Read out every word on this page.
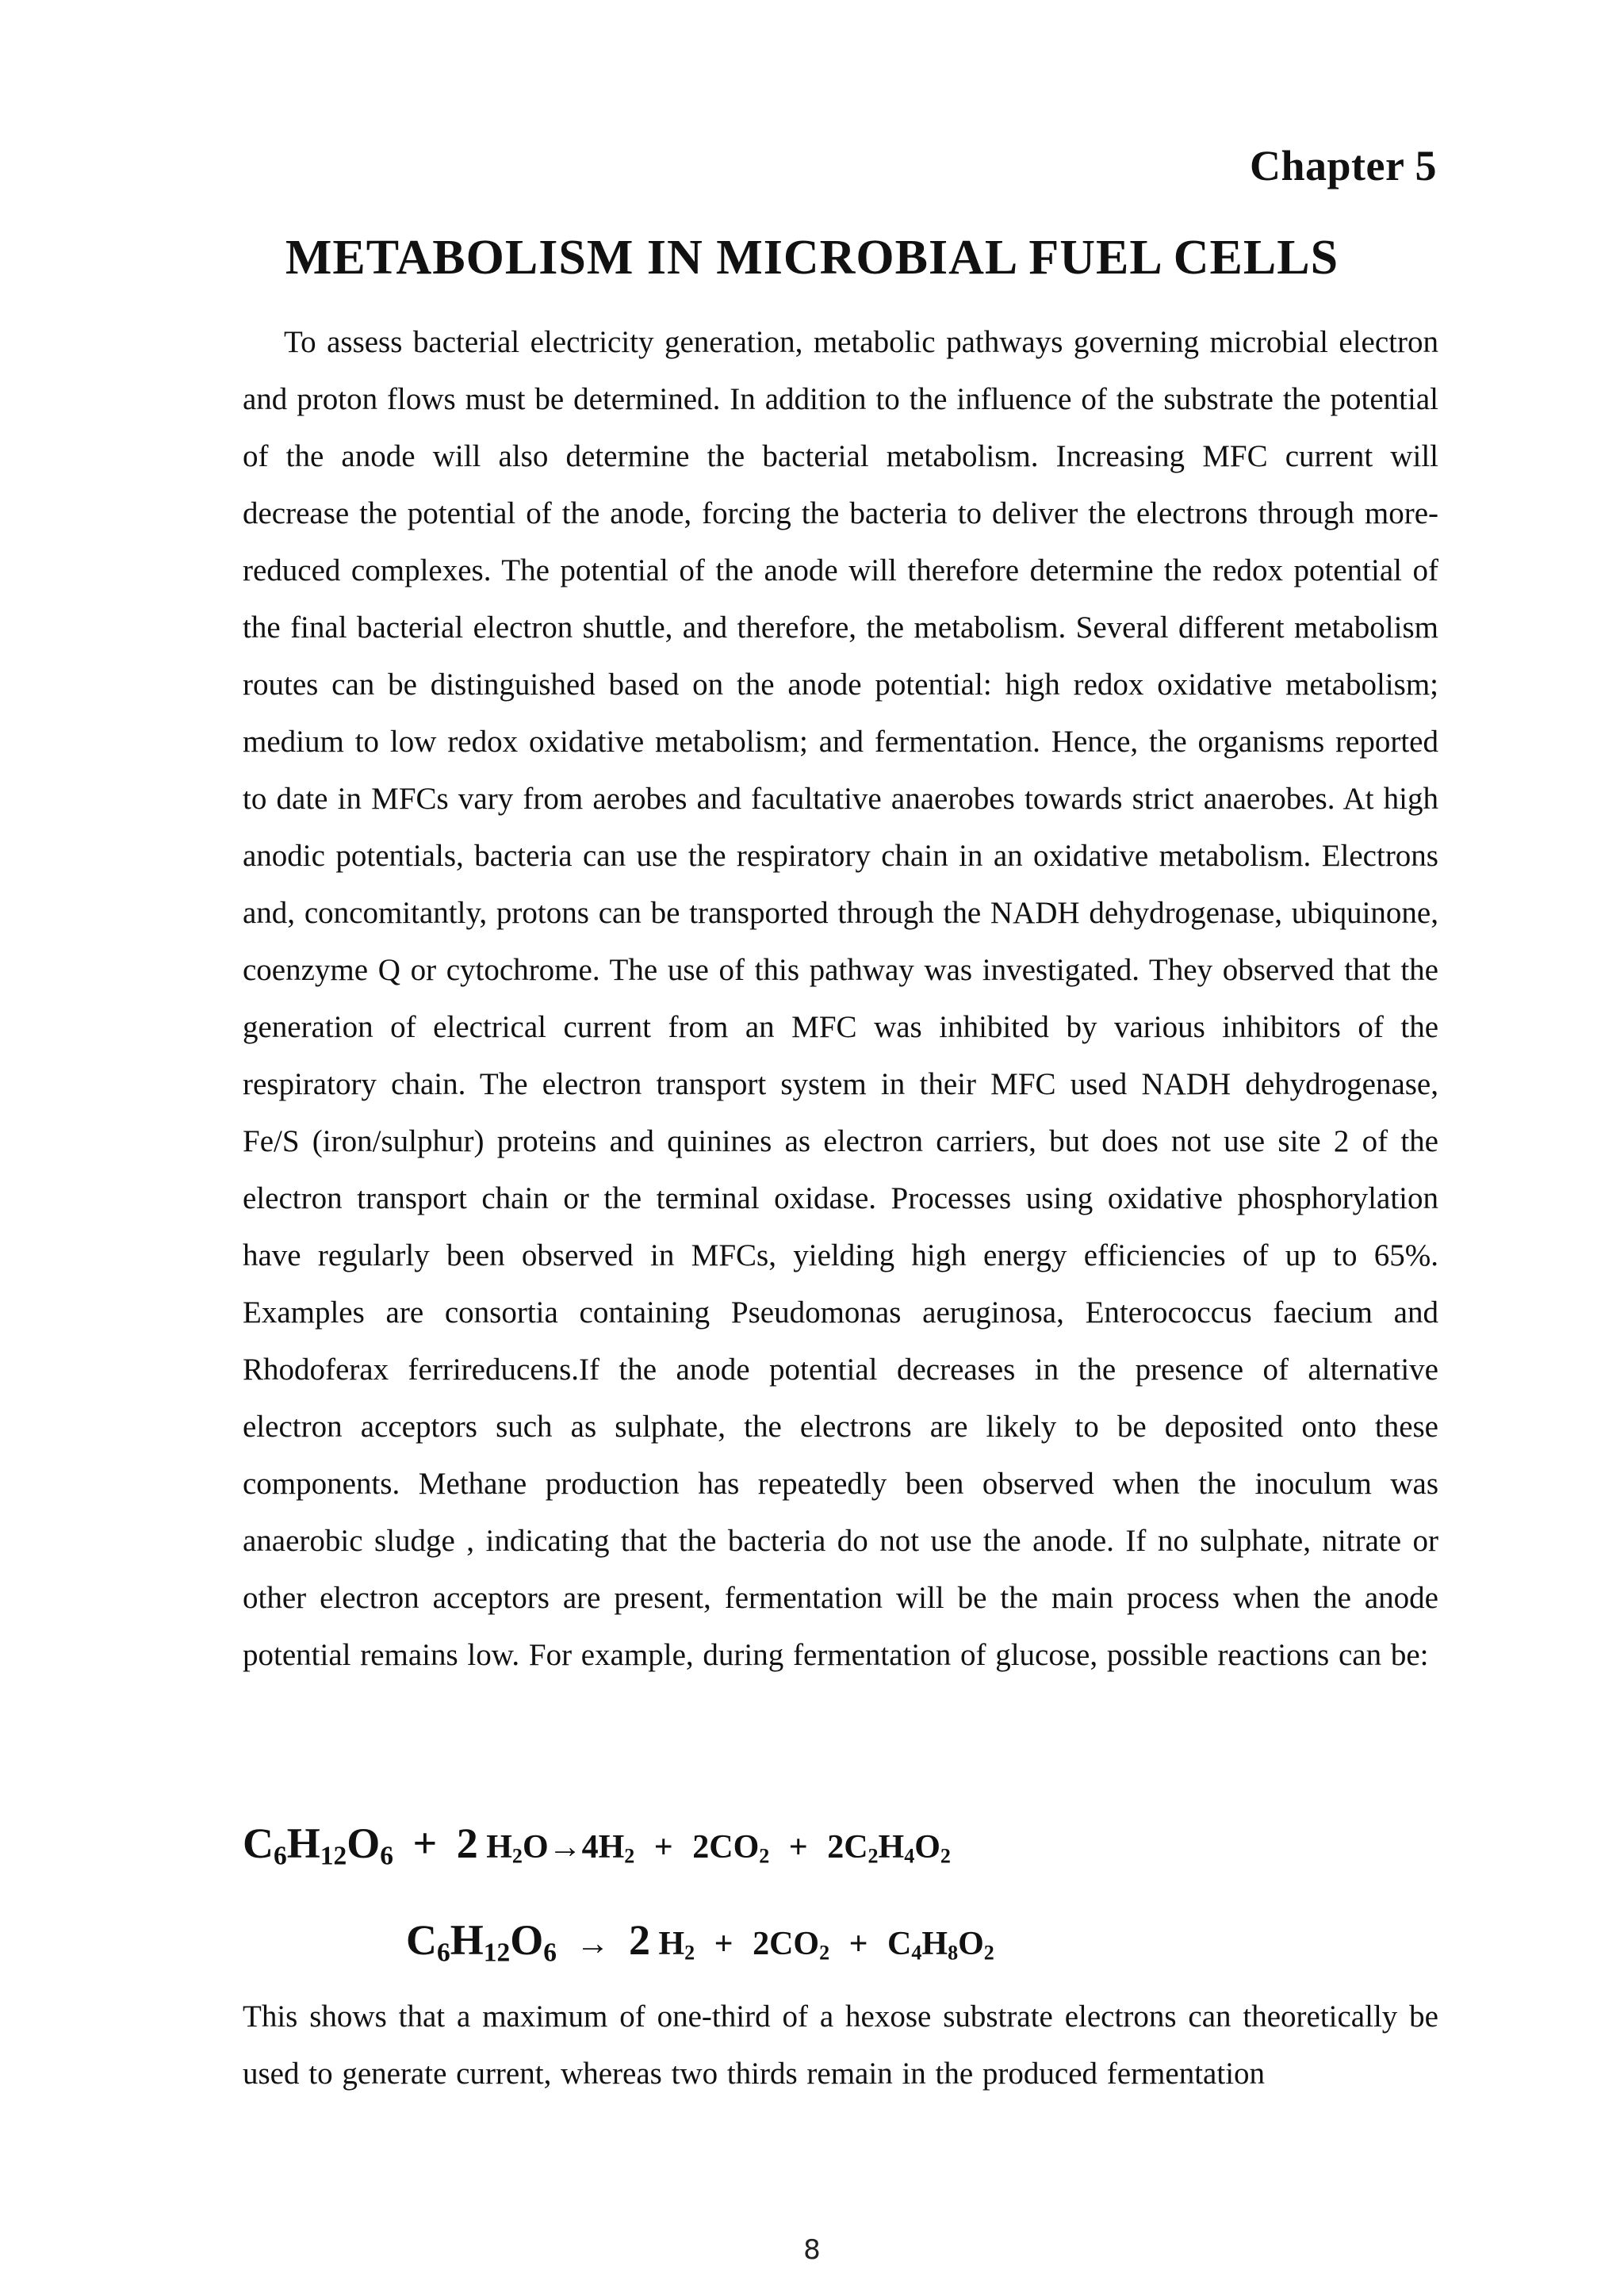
Chapter 5
METABOLISM IN MICROBIAL FUEL CELLS

To assess bacterial electricity generation, metabolic pathways governing microbial electron and proton flows must be determined. In addition to the influence of the substrate the potential of the anode will also determine the bacterial metabolism. Increasing MFC current will decrease the potential of the anode, forcing the bacteria to deliver the electrons through more-reduced complexes. The potential of the anode will therefore determine the redox potential of the final bacterial electron shuttle, and therefore, the metabolism. Several different metabolism routes can be distinguished based on the anode potential: high redox oxidative metabolism; medium to low redox oxidative metabolism; and fermentation. Hence, the organisms reported to date in MFCs vary from aerobes and facultative anaerobes towards strict anaerobes. At high anodic potentials, bacteria can use the respiratory chain in an oxidative metabolism. Electrons and, concomitantly, protons can be transported through the NADH dehydrogenase, ubiquinone, coenzyme Q or cytochrome. The use of this pathway was investigated. They observed that the generation of electrical current from an MFC was inhibited by various inhibitors of the respiratory chain. The electron transport system in their MFC used NADH dehydrogenase, Fe/S (iron/sulphur) proteins and quinines as electron carriers, but does not use site 2 of the electron transport chain or the terminal oxidase. Processes using oxidative phosphorylation have regularly been observed in MFCs, yielding high energy efficiencies of up to 65%. Examples are consortia containing Pseudomonas aeruginosa, Enterococcus faecium and Rhodoferax ferrireducens.If the anode potential decreases in the presence of alternative electron acceptors such as sulphate, the electrons are likely to be deposited onto these components. Methane production has repeatedly been observed when the inoculum was anaerobic sludge , indicating that the bacteria do not use the anode. If no sulphate, nitrate or other electron acceptors are present, fermentation will be the main process when the anode potential remains low. For example, during fermentation of glucose, possible reactions can be:

$C_6H_{12}O_6 + 2$ $H_2O\to 4H_2 + 2CO_2 + 2C_2H_4O_2$
$C_6H_{12}O_6 \to 2$ $H_2 + 2CO_2 + C_4H_8O_2$

This shows that a maximum of one-third of a hexose substrate electrons can theoretically be used to generate current, whereas two thirds remain in the produced fermentation

8
